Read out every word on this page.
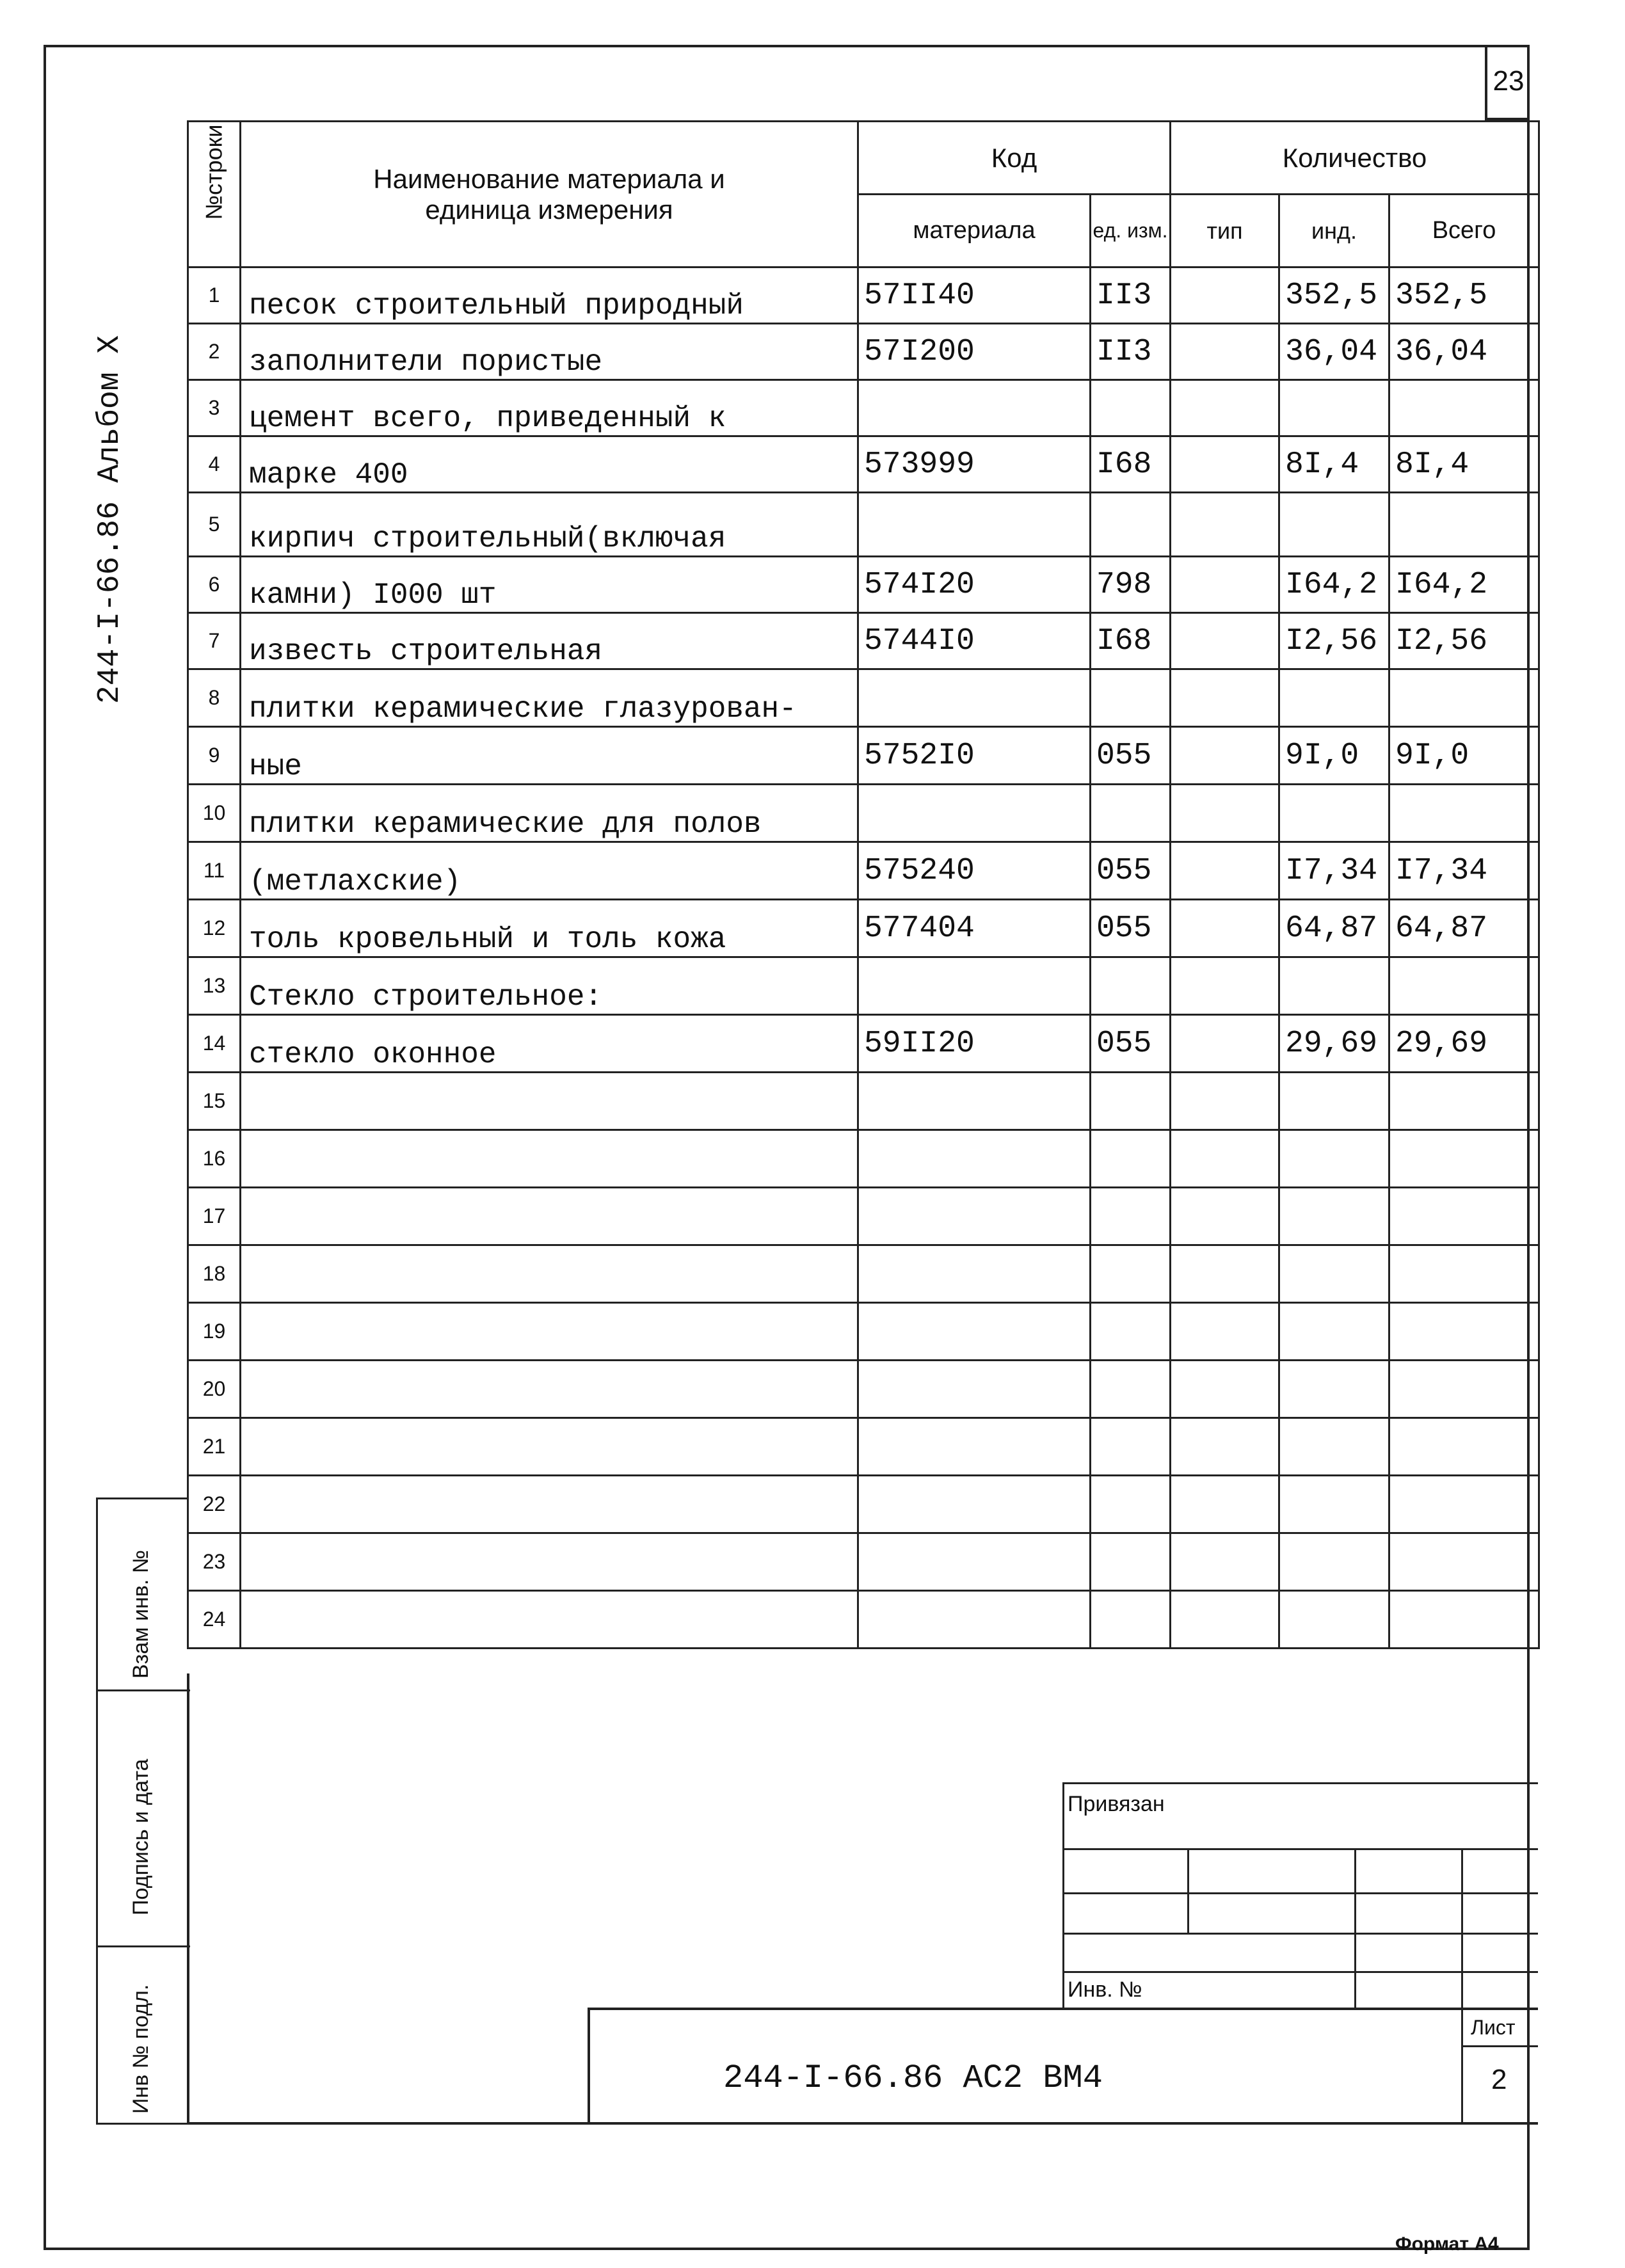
23
244-I-66.86 Альбом X
№строки	Наименование материала и единица измерения	Код		Количество		
		материала	ед. изм.	тип	инд.	Всего
1	песок строительный природный	57II40	II3		352,5	352,5
2	заполнители пористые	57I200	II3		36,04	36,04
3	цемент всего, приведенный к					
4	марке 400	573999	I68		8I,4	8I,4
5	кирпич строительный(включая					
6	камни) I000 шт	574I20	798		I64,2	I64,2
7	известь строительная	5744I0	I68		I2,56	I2,56
8	плитки керамические глазурован-					
9	ные	5752I0	055		9I,0	9I,0
10	плитки керамические для полов					
11	(метлахские)	575240	055		I7,34	I7,34
12	толь кровельный и толь кожа	577404	055		64,87	64,87
13	Стекло строительное:					
14	стекло оконное	59II20	055		29,69	29,69
15						
16						
17						
18						
19						
20						
21						
22						
23						
24						
Взам инв. №
Подпись и дата
Инв № подл.
Привязан
Инв. №
244-I-66.86 АС2 ВМ4
Лист
2
Формат А4
